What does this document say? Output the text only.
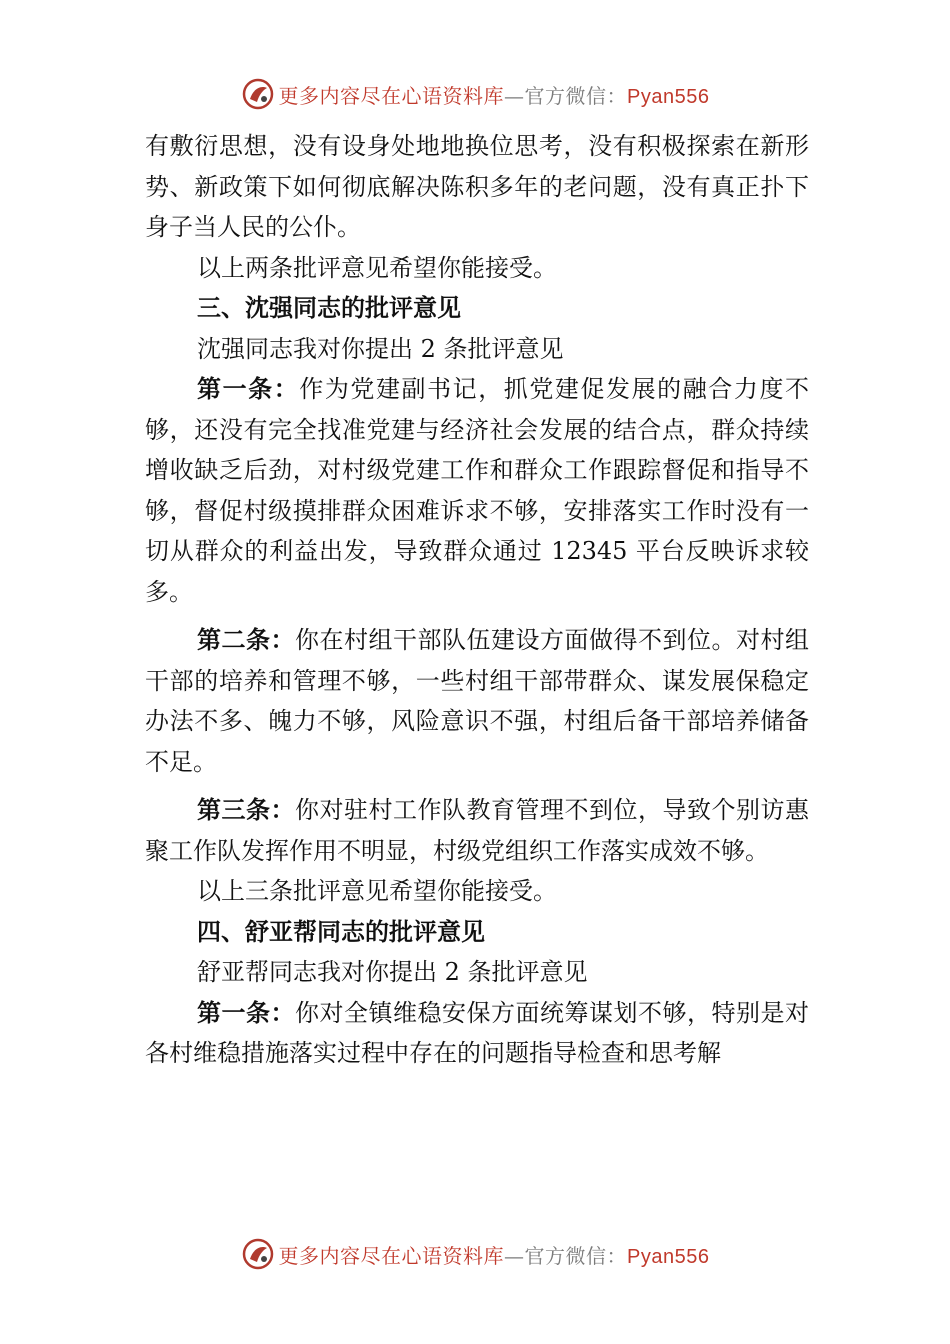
更多内容尽在心语资料库—官方微信：Pyan556

有敷衍思想，没有设身处地地换位思考，没有积极探索在新形势、新政策下如何彻底解决陈积多年的老问题，没有真正扑下身子当人民的公仆。

以上两条批评意见希望你能接受。

三、沈强同志的批评意见

沈强同志我对你提出 2 条批评意见

第一条：作为党建副书记，抓党建促发展的融合力度不够，还没有完全找准党建与经济社会发展的结合点，群众持续增收缺乏后劲，对村级党建工作和群众工作跟踪督促和指导不够，督促村级摸排群众困难诉求不够，安排落实工作时没有一切从群众的利益出发，导致群众通过 12345 平台反映诉求较多。

第二条：你在村组干部队伍建设方面做得不到位。对村组干部的培养和管理不够，一些村组干部带群众、谋发展保稳定办法不多、魄力不够，风险意识不强，村组后备干部培养储备不足。

第三条：你对驻村工作队教育管理不到位，导致个别访惠聚工作队发挥作用不明显，村级党组织工作落实成效不够。

以上三条批评意见希望你能接受。

四、舒亚帮同志的批评意见

舒亚帮同志我对你提出 2 条批评意见

第一条：你对全镇维稳安保方面统筹谋划不够，特别是对各村维稳措施落实过程中存在的问题指导检查和思考解

更多内容尽在心语资料库—官方微信：Pyan556
